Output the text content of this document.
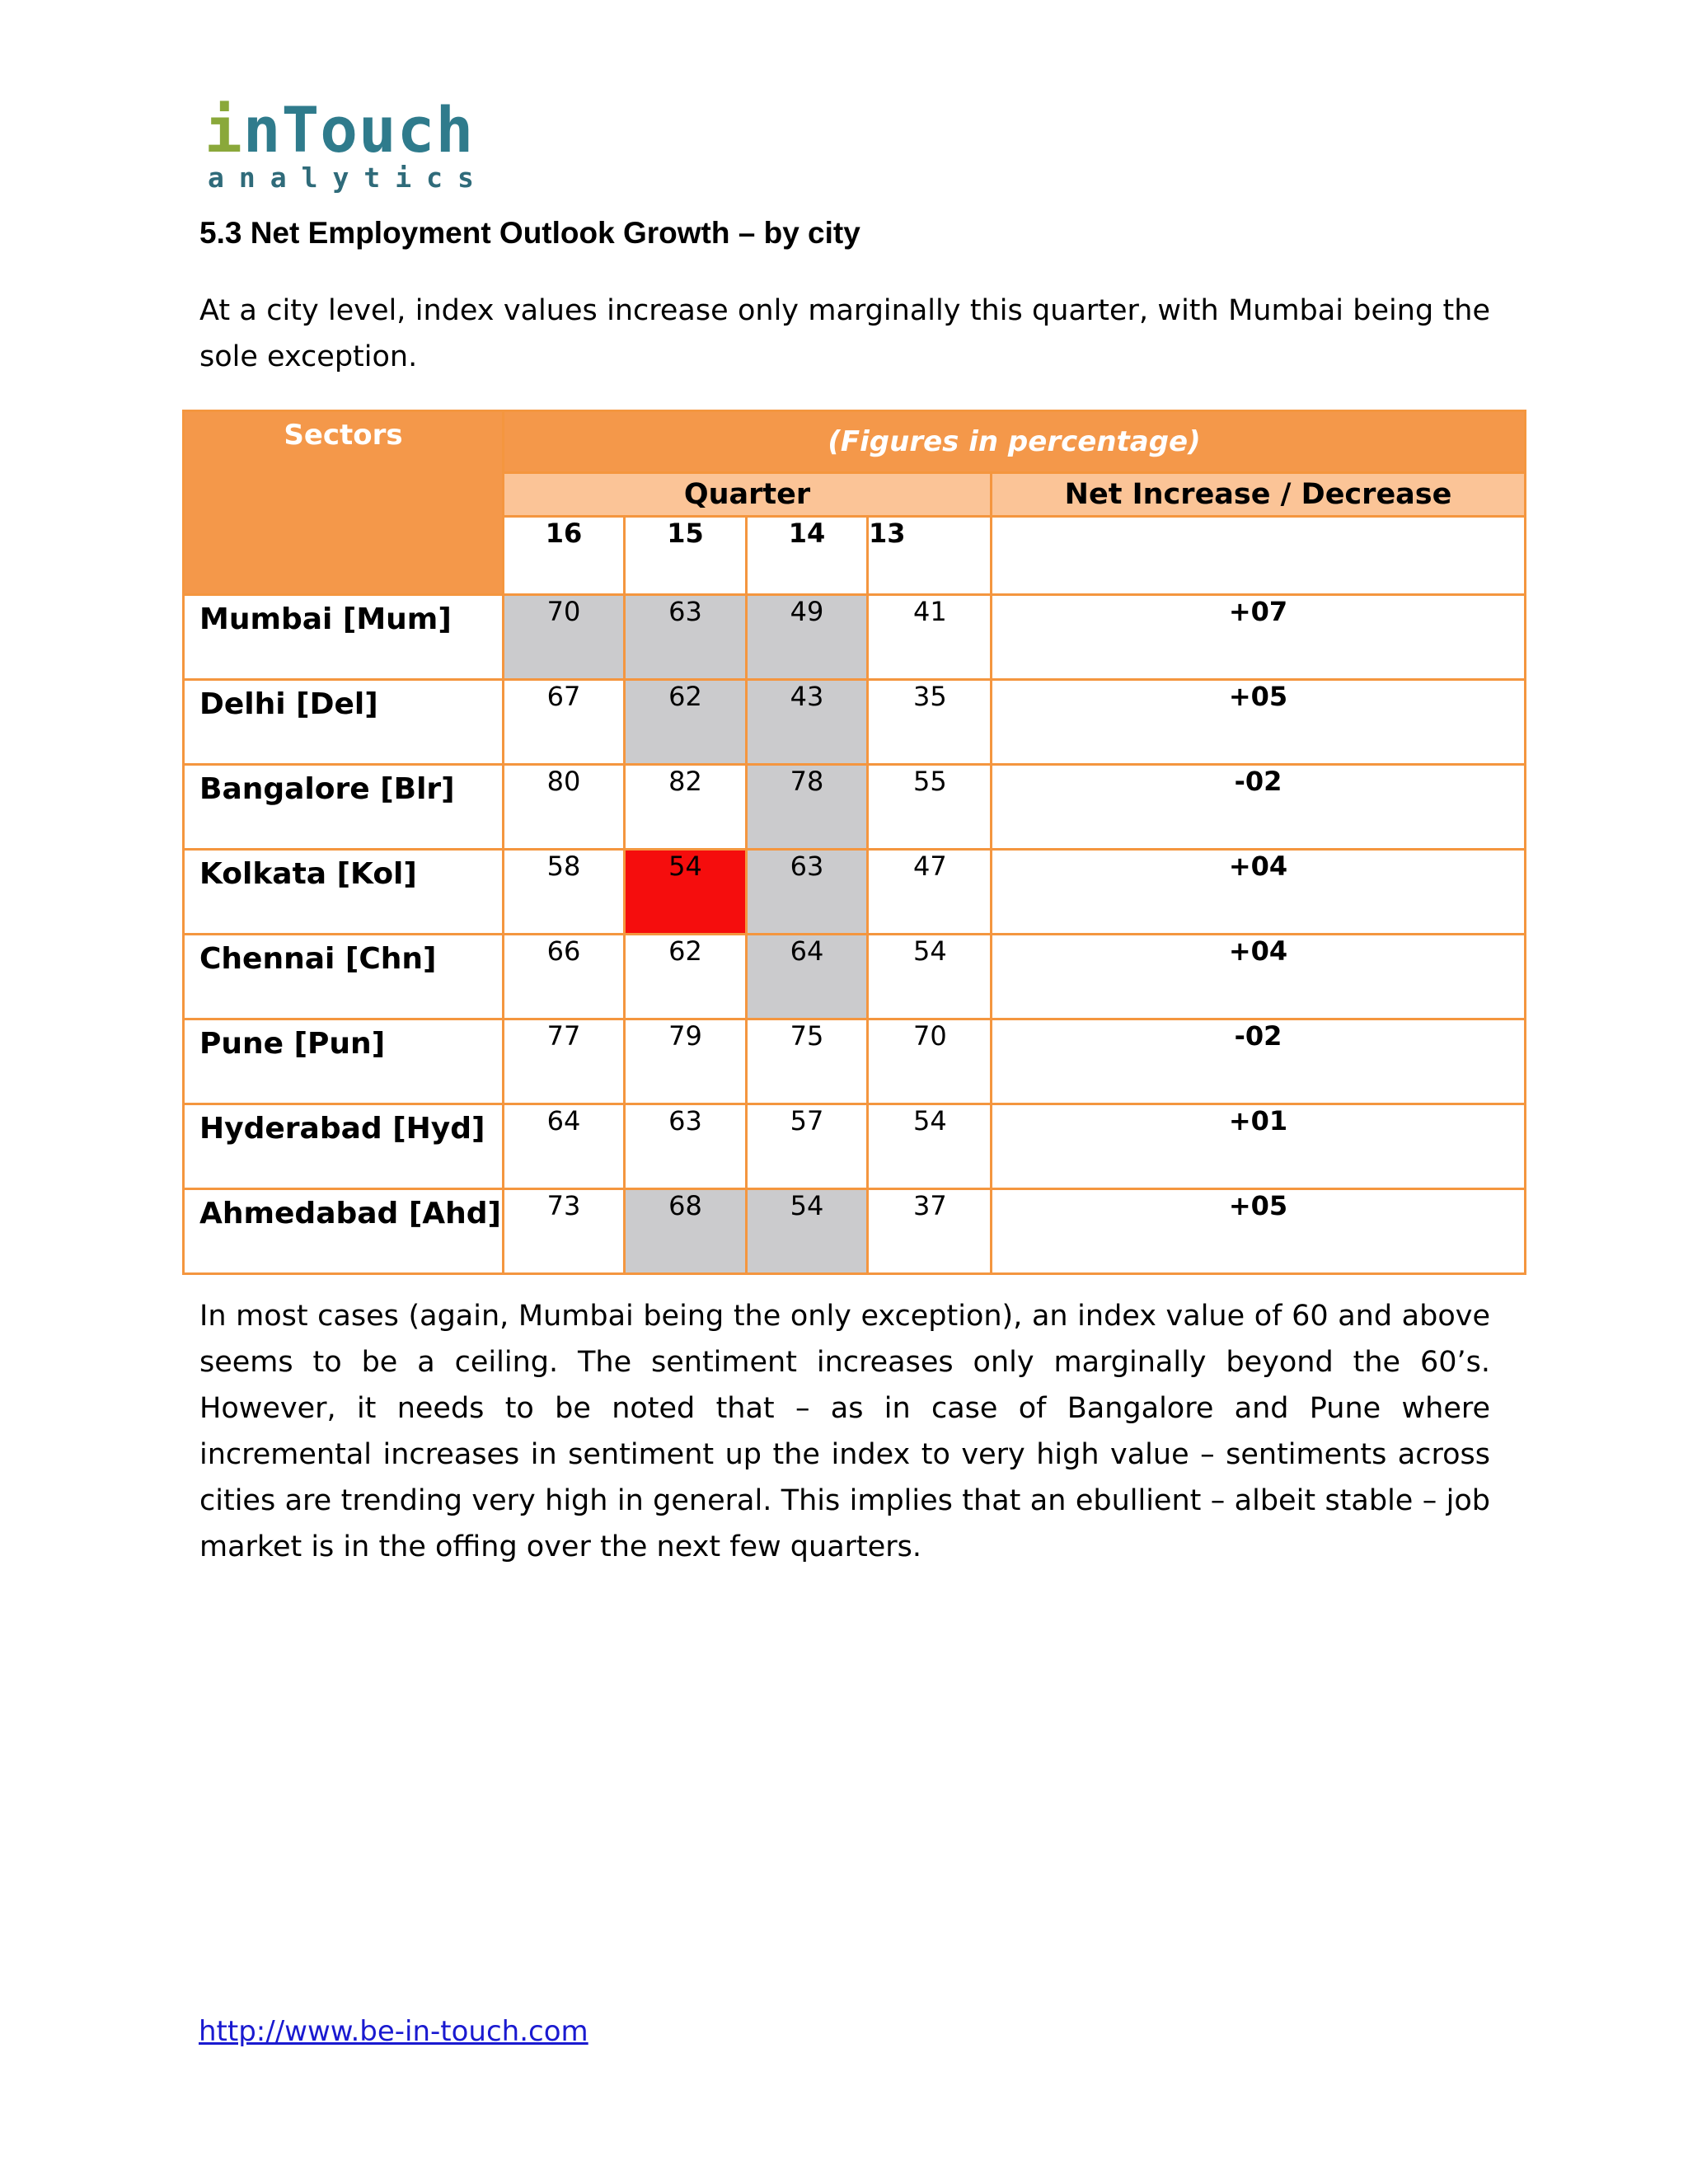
inTouch
analytics
5.3 Net Employment Outlook Growth – by city
At a city level, index values increase only marginally this quarter, with Mumbai being the sole exception.
Sectors	(Figures in percentage)				
	Quarter				Net Increase / Decrease
	16	15	14	13	
Mumbai [Mum]	70	63	49	41	+07
Delhi [Del]	67	62	43	35	+05
Bangalore [Blr]	80	82	78	55	-02
Kolkata [Kol]	58	54	63	47	+04
Chennai [Chn]	66	62	64	54	+04
Pune [Pun]	77	79	75	70	-02
Hyderabad [Hyd]	64	63	57	54	+01
Ahmedabad [Ahd]	73	68	54	37	+05
In most cases (again, Mumbai being the only exception), an index value of 60 and above seems to be a ceiling. The sentiment increases only marginally beyond the 60’s. However, it needs to be noted that – as in case of Bangalore and Pune where incremental increases in sentiment up the index to very high value – sentiments across cities are trending very high in general. This implies that an ebullient – albeit stable – job market is in the offing over the next few quarters.
http://www.be-in-touch.com
